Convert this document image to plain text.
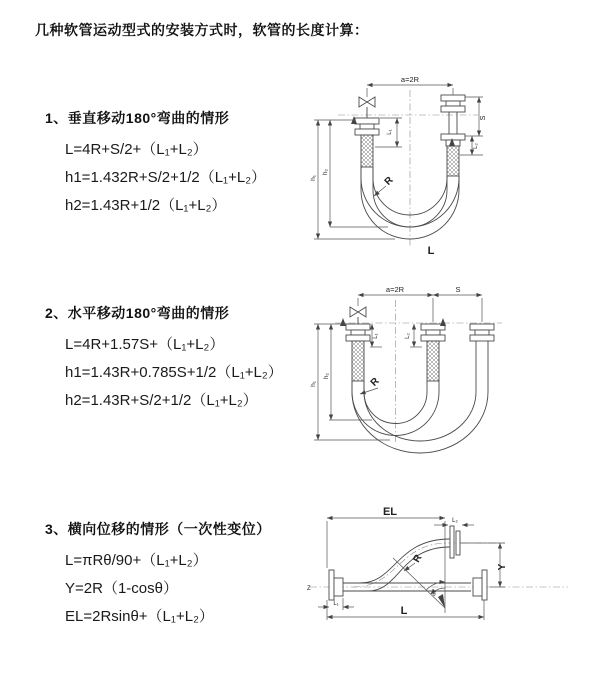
几种软管运动型式的安装方式时，软管的长度计算：
1、垂直移动180°弯曲的情形
L=4R+S/2+（L₁+L₂）
h1=1.432R+S/2+1/2（L₁+L₂）
h2=1.43R+1/2（L₁+L₂）
2、水平移动180°弯曲的情形
L=4R+1.57S+（L₁+L₂）
h1=1.43R+0.785S+1/2（L₁+L₂）
h2=1.43R+S/2+1/2（L₁+L₂）
3、横向位移的情形（一次性变位）
L=πRθ/90+（L₁+L₂）
Y=2R（1-cosθ）
EL=2Rsinθ+（L₁+L₂）
a=2R
S
L₂
L₁
h₁
h₂
R
L
a=2R	S
L₁	L₂
h₁
h₂	R
Z
EL
L₂
Y
L
L₁
R
θ
